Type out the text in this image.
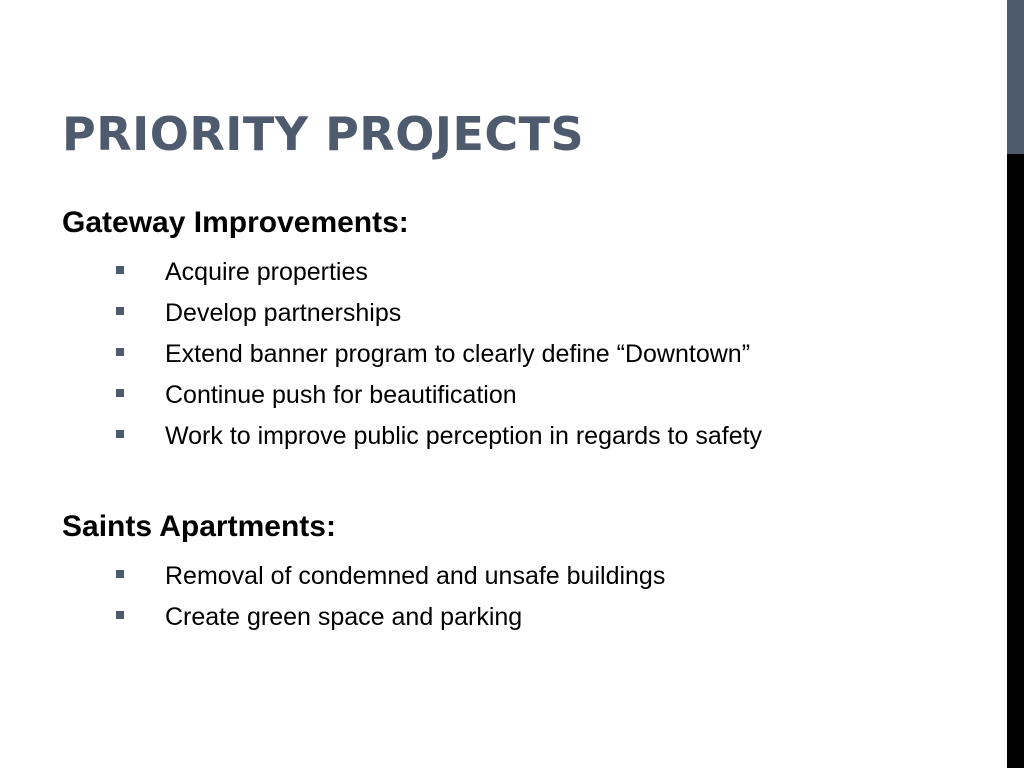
PRIORITY PROJECTS
Gateway Improvements:
Acquire properties
Develop partnerships
Extend banner program to clearly define “Downtown”
Continue push for beautification
Work to improve public perception in regards to safety
Saints Apartments:
Removal of condemned and unsafe buildings
Create green space and parking
